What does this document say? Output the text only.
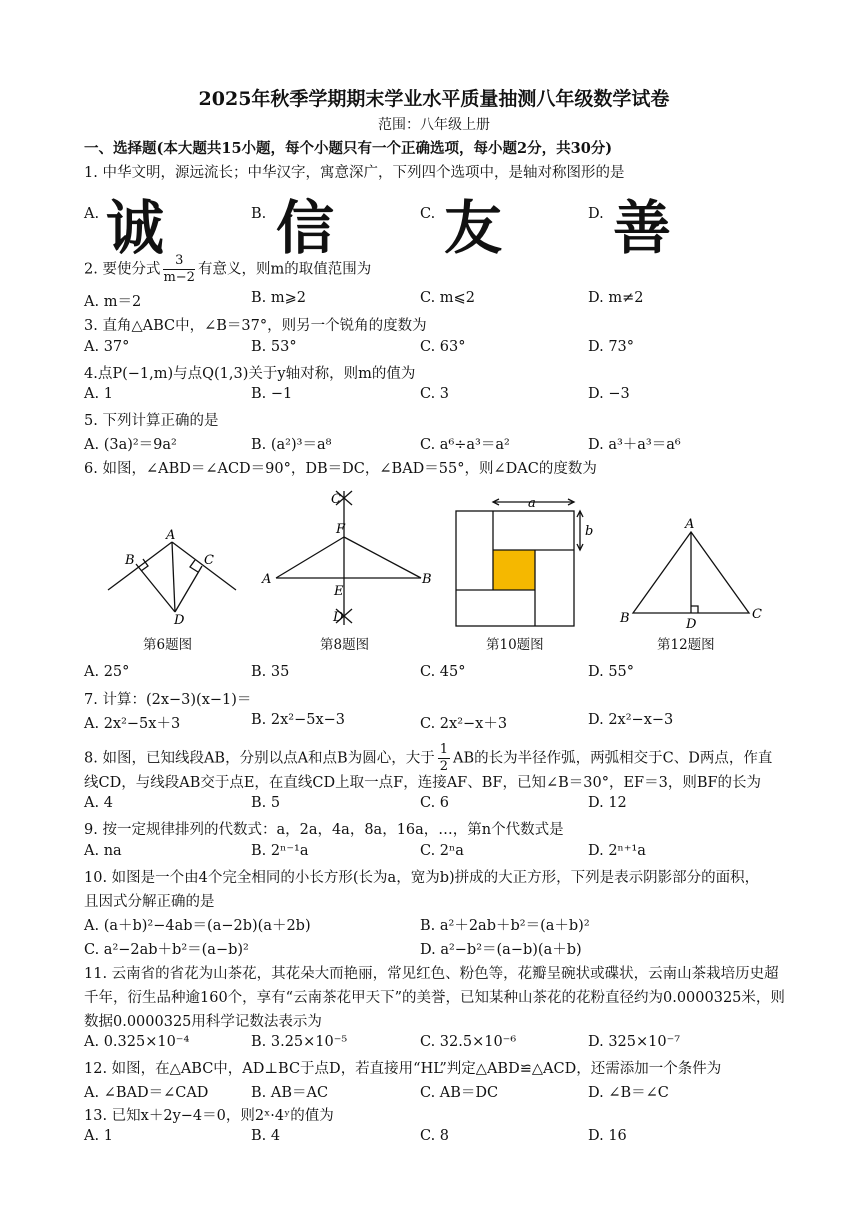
2025年秋季学期期末学业水平质量抽测八年级数学试卷
范围：八年级上册
一、选择题(本大题共15小题，每个小题只有一个正确选项，每小题2分，共30分)
1. 中华文明，源远流长；中华汉字，寓意深广，下列四个选项中，是轴对称图形的是
A. 诚	B. 信	C. 友	D. 善
2. 要使分式 $\frac{3}{m-2}$ 有意义，则m的取值范围为
A. m＝2	B. m⩾2	C. m⩽2	D. m≠2
3. 直角△ABC中，∠B＝37°，则另一个锐角的度数为
A. 37°	B. 53°	C. 63°	D. 73°
4.点P(−1,m)与点Q(1,3)关于y轴对称，则m的值为
A. 1	B. −1	C. 3	D. −3
5. 下列计算正确的是
A. (3a)²＝9a²	B. (a²)³＝a⁸	C. a⁶÷a³＝a²	D. a³＋a³＝a⁶
6. 如图，∠ABD＝∠ACD＝90°，DB＝DC，∠BAD＝55°，则∠DAC的度数为
A
B	C
D
第6题图
C
F
A	B
E
D
第8题图
a
b
第10题图
A
B	C
D
第12题图
A. 25°	B. 35	C. 45°	D. 55°
7. 计算：(2x−3)(x−1)＝
A. 2x²−5x＋3	B. 2x²−5x−3	C. 2x²−x＋3	D. 2x²−x−3
8. 如图，已知线段AB，分别以点A和点B为圆心，大于 $\frac{1}{2}$ AB的长为半径作弧，两弧相交于C、D两点，作直
线CD，与线段AB交于点E，在直线CD上取一点F，连接AF、BF，已知∠B＝30°，EF＝3，则BF的长为
A. 4	B. 5	C. 6	D. 12
9. 按一定规律排列的代数式：a，2a，4a，8a，16a，…，第n个代数式是
A. na	B. 2ⁿ⁻¹a	C. 2ⁿa	D. 2ⁿ⁺¹a
10. 如图是一个由4个完全相同的小长方形(长为a，宽为b)拼成的大正方形，下列是表示阴影部分的面积，
且因式分解正确的是
A. (a＋b)²−4ab＝(a−2b)(a＋2b)	B. a²＋2ab＋b²＝(a＋b)²
C. a²−2ab＋b²＝(a−b)²	D. a²−b²＝(a−b)(a＋b)
11. 云南省的省花为山茶花，其花朵大而艳丽，常见红色、粉色等，花瓣呈碗状或碟状，云南山茶栽培历史超
千年，衍生品种逾160个，享有“云南茶花甲天下”的美誉，已知某种山茶花的花粉直径约为0.0000325米，则
数据0.0000325用科学记数法表示为
A. 0.325×10⁻⁴	B. 3.25×10⁻⁵	C. 32.5×10⁻⁶	D. 325×10⁻⁷
12. 如图，在△ABC中，AD⊥BC于点D，若直接用“HL”判定△ABD≌△ACD，还需添加一个条件为
A. ∠BAD＝∠CAD	B. AB＝AC	C. AB＝DC	D. ∠B＝∠C
13. 已知x＋2y−4＝0，则2ˣ·4ʸ的值为
A. 1	B. 4	C. 8	D. 16
